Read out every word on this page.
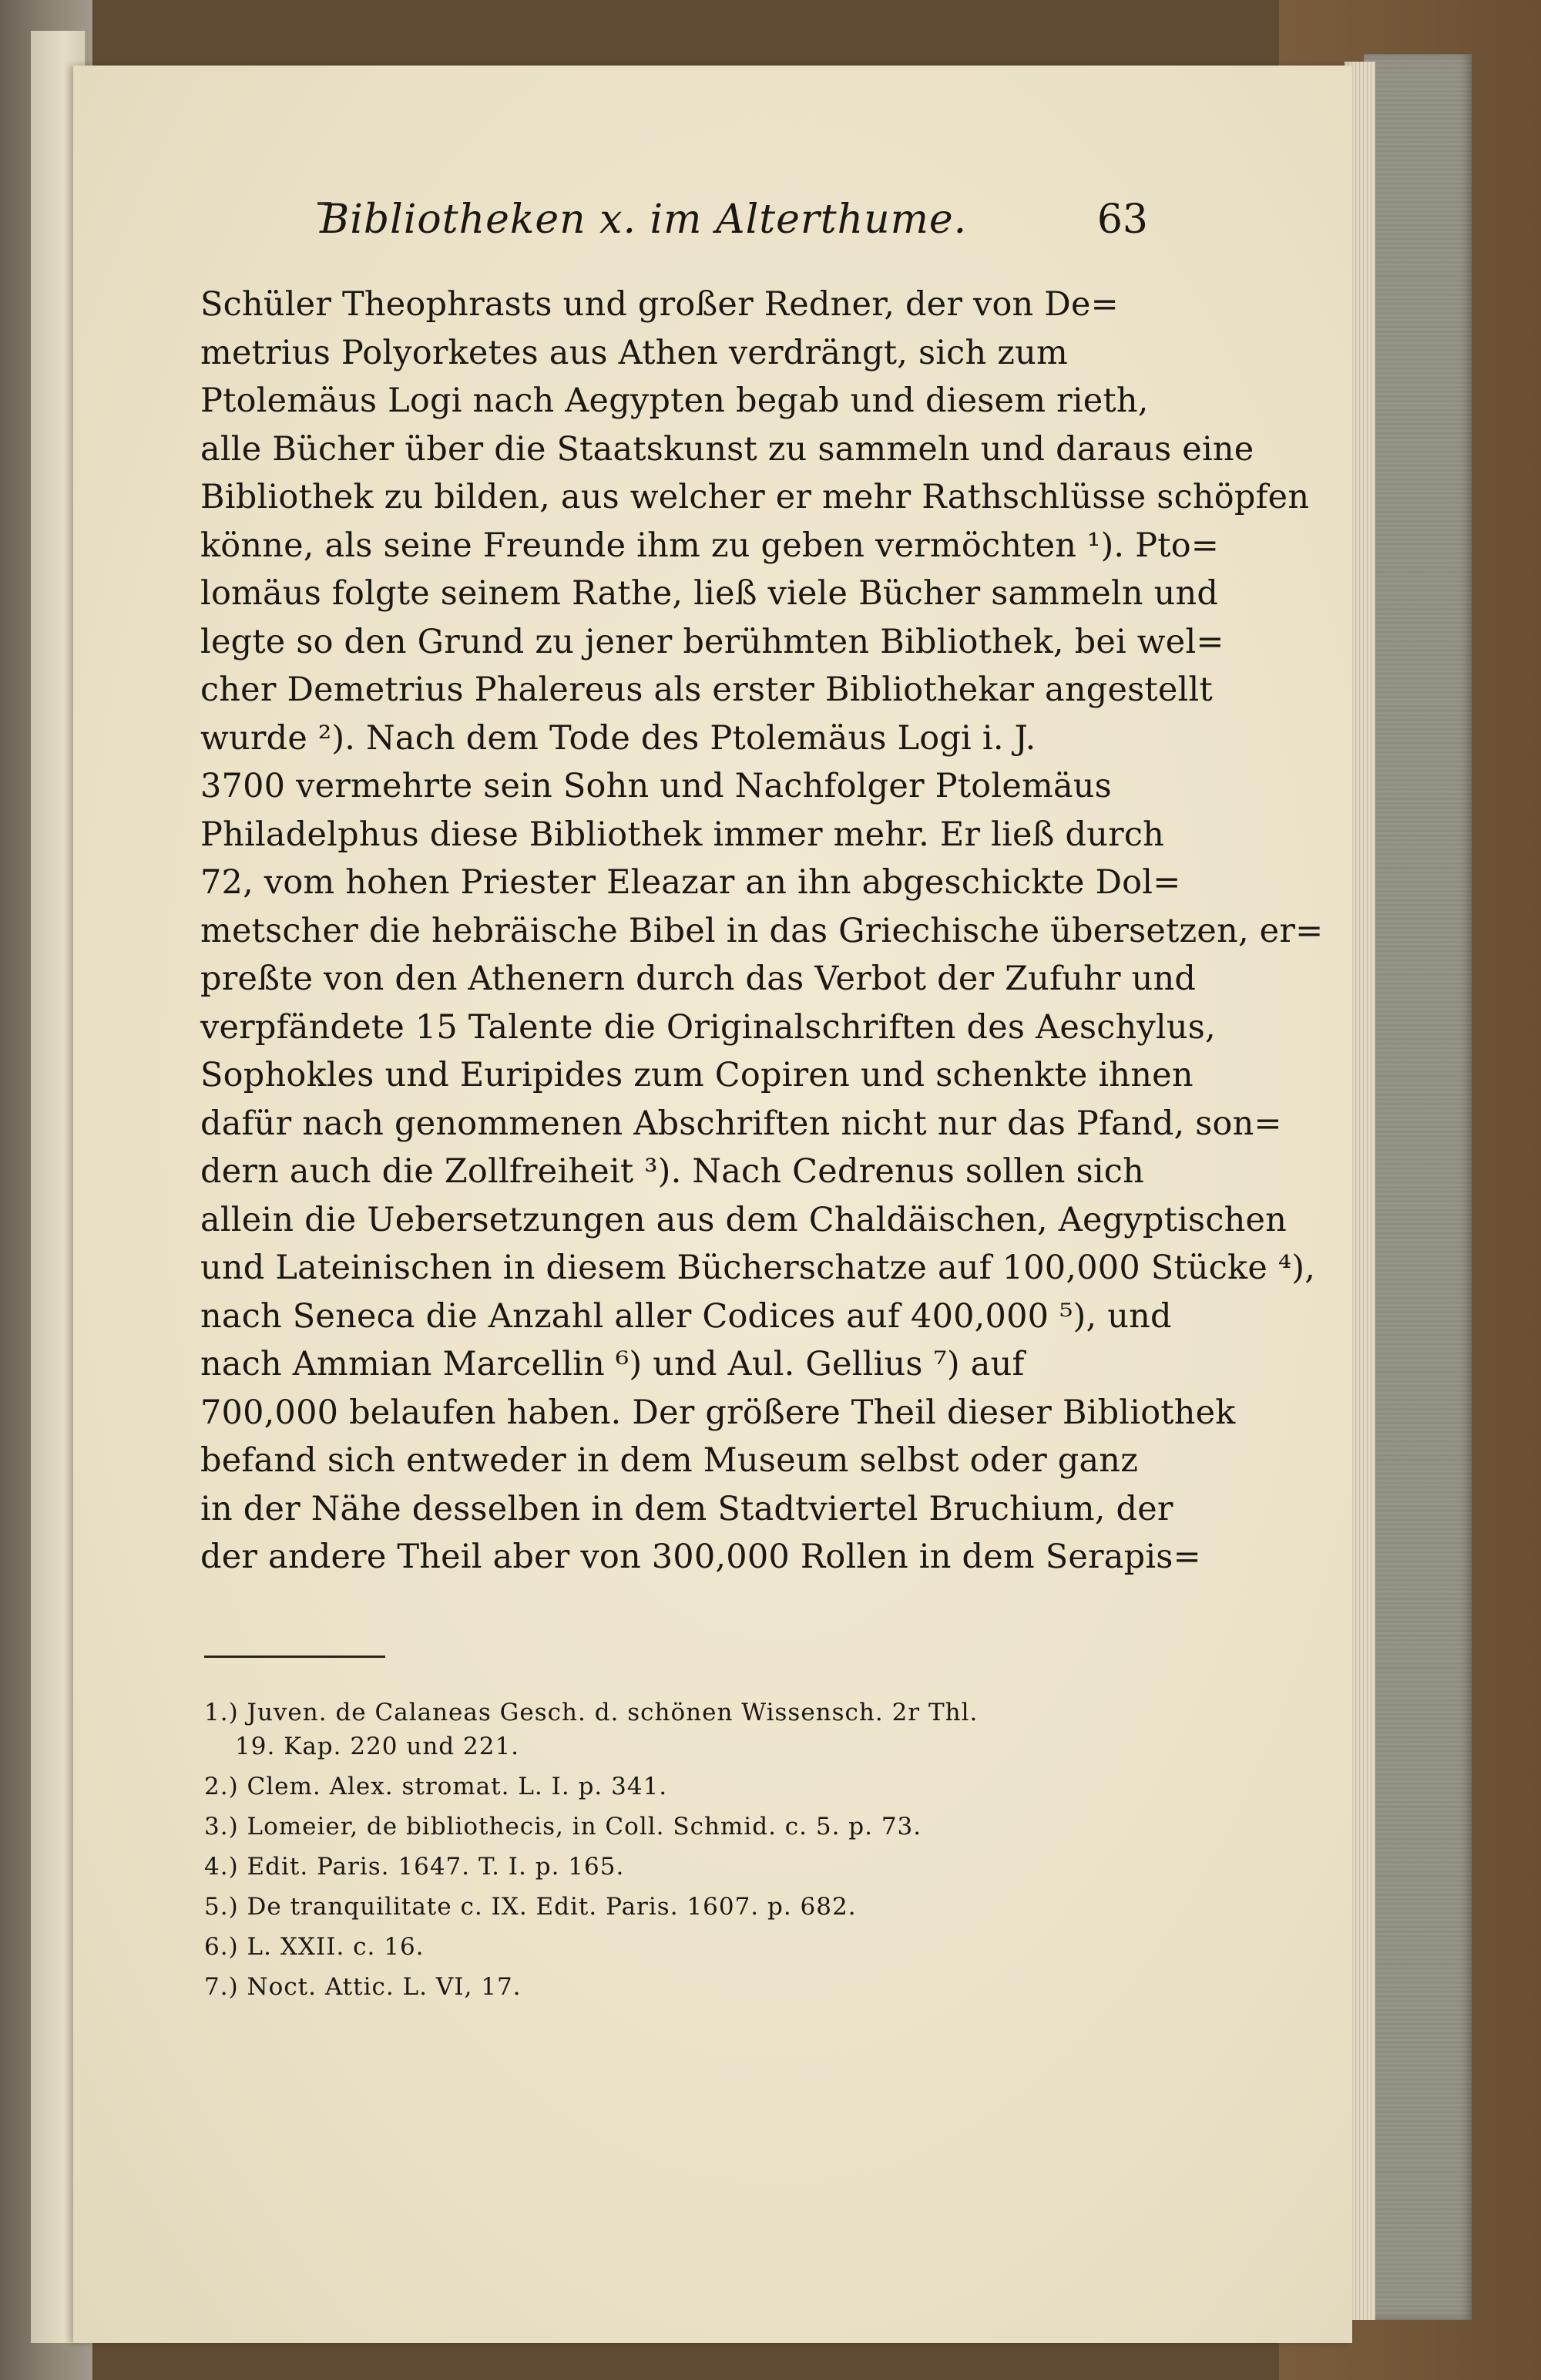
Bibliotheken x. im Alterthume.	63
Schüler Theophrasts und großer Redner, der von De=
metrius Polyorketes aus Athen verdrängt, sich zum
Ptolemäus Logi nach Aegypten begab und diesem rieth,
alle Bücher über die Staatskunst zu sammeln und daraus eine
Bibliothek zu bilden, aus welcher er mehr Rathschlüsse schöpfen
könne, als seine Freunde ihm zu geben vermöchten ¹). Pto=
lomäus folgte seinem Rathe, ließ viele Bücher sammeln und
legte so den Grund zu jener berühmten Bibliothek, bei wel=
cher Demetrius Phalereus als erster Bibliothekar angestellt
wurde ²). Nach dem Tode des Ptolemäus Logi i. J.
3700 vermehrte sein Sohn und Nachfolger Ptolemäus
Philadelphus diese Bibliothek immer mehr. Er ließ durch
72, vom hohen Priester Eleazar an ihn abgeschickte Dol=
metscher die hebräische Bibel in das Griechische übersetzen, er=
preßte von den Athenern durch das Verbot der Zufuhr und
verpfändete 15 Talente die Originalschriften des Aeschylus,
Sophokles und Euripides zum Copiren und schenkte ihnen
dafür nach genommenen Abschriften nicht nur das Pfand, son=
dern auch die Zollfreiheit ³). Nach Cedrenus sollen sich
allein die Uebersetzungen aus dem Chaldäischen, Aegyptischen
und Lateinischen in diesem Bücherschatze auf 100,000 Stücke ⁴),
nach Seneca die Anzahl aller Codices auf 400,000 ⁵), und
nach Ammian Marcellin ⁶) und Aul. Gellius ⁷) auf
700,000 belaufen haben. Der größere Theil dieser Bibliothek
befand sich entweder in dem Museum selbst oder ganz
in der Nähe desselben in dem Stadtviertel Bruchium, der
der andere Theil aber von 300,000 Rollen in dem Serapis=
1.) Juven. de Calaneas Gesch. d. schönen Wissensch. 2r Thl.
19. Kap. 220 und 221.
2.) Clem. Alex. stromat. L. I. p. 341.
3.) Lomeier, de bibliothecis, in Coll. Schmid. c. 5. p. 73.
4.) Edit. Paris. 1647. T. I. p. 165.
5.) De tranquilitate c. IX. Edit. Paris. 1607. p. 682.
6.) L. XXII. c. 16.
7.) Noct. Attic. L. VI, 17.
